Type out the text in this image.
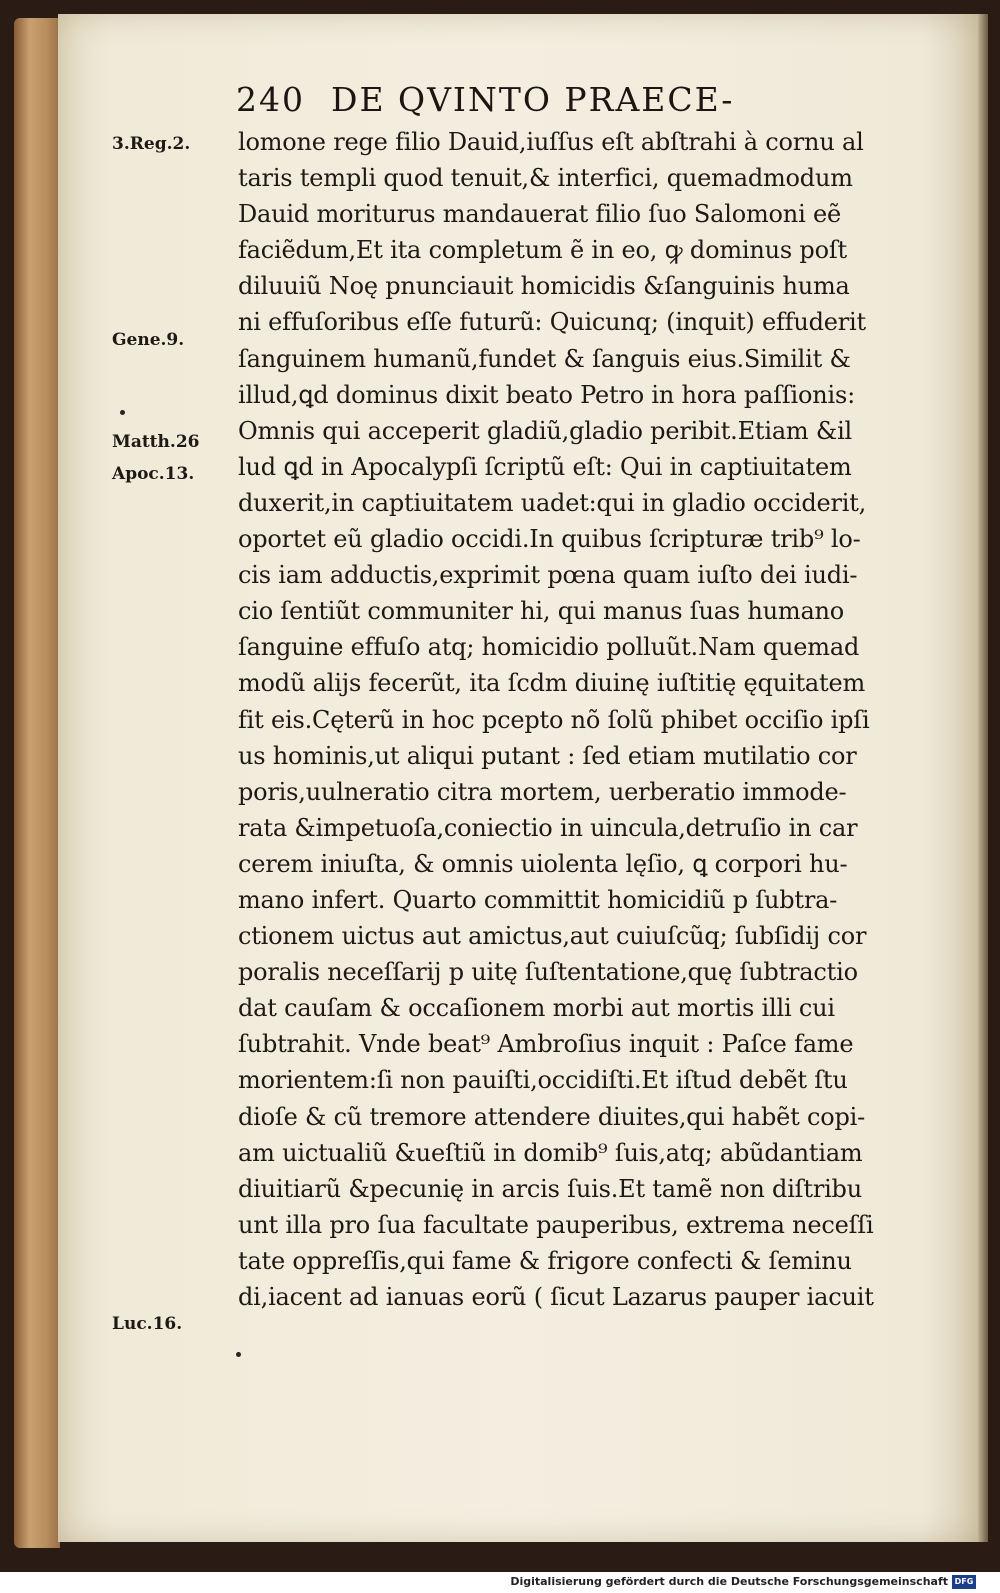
240 DE QVINTO PRAECE-
3.Reg.2.
Gene.9.
Matth.26
Apoc.13.
Luc.16.
lomone rege filio Dauid,iuſſus eſt abſtrahi à cornu al
taris templi quod tenuit,& interfici, quemadmodum
Dauid moriturus mandauerat filio ſuo Salomoni eẽ
faciẽdum,Et ita completum ẽ in eo, ꝙ dominus poſt
diluuiũ Noę pnunciauit homicidis &ſanguinis huma
ni effuſoribus eſſe futurũ: Quicunq; (inquit) effuderit
ſanguinem humanũ,fundet & ſanguis eius.Similit &
illud,ꝗd dominus dixit beato Petro in hora paſſionis:
Omnis qui acceperit gladiũ,gladio peribit.Etiam &il
lud ꝗd in Apocalypſi ſcriptũ eſt: Qui in captiuitatem
duxerit,in captiuitatem uadet:qui in gladio occiderit,
oportet eũ gladio occidi.In quibus ſcripturæ trib⁹ lo-
cis iam adductis,exprimit pœna quam iuſto dei iudi-
cio ſentiũt communiter hi, qui manus ſuas humano
ſanguine effuſo atq; homicidio polluũt.Nam quemad
modũ alijs fecerũt, ita ſcdm diuinę iuſtitię ęquitatem
fit eis.Cęterũ in hoc pcepto nõ ſolũ phibet occiſio ipſi
us hominis,ut aliqui putant : ſed etiam mutilatio cor
poris,uulneratio citra mortem, uerberatio immode-
rata &impetuoſa,coniectio in uincula,detruſio in car
cerem iniuſta, & omnis uiolenta lęſio, ꝗ corpori hu-
mano infert. Quarto committit homicidiũ p ſubtra-
ctionem uictus aut amictus,aut cuiuſcũq; ſubſidij cor
poralis neceſſarij p uitę ſuſtentatione,quę ſubtractio
dat cauſam & occaſionem morbi aut mortis illi cui
ſubtrahit. Vnde beat⁹ Ambroſius inquit : Paſce fame
morientem:ſi non pauiſti,occidiſti.Et iſtud debẽt ſtu
dioſe & cũ tremore attendere diuites,qui habẽt copi-
am uictualiũ &ueſtiũ in domib⁹ ſuis,atq; abũdantiam
diuitiarũ &pecunię in arcis ſuis.Et tamẽ non diſtribu
unt illa pro ſua facultate pauperibus, extrema neceſſi
tate oppreſſis,qui fame & frigore confecti & ſeminu
di,iacent ad ianuas eorũ ( ſicut Lazarus pauper iacuit
Digitalisierung gefördert durch die Deutsche Forschungsgemeinschaft DFG
